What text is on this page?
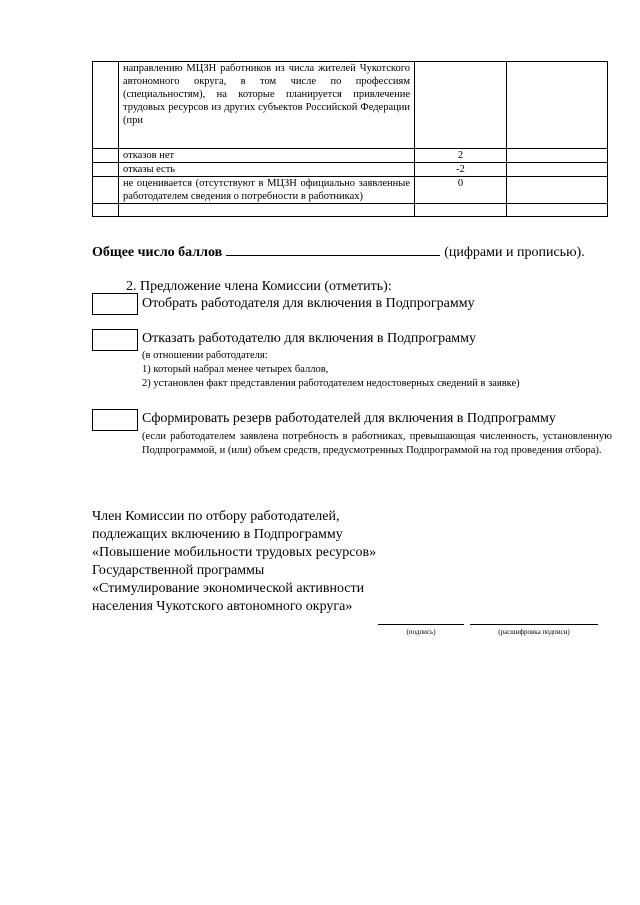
	направлению МЦЗН работников из числа жителей Чукотского автономного округа, в том числе по профессиям (специальностям), на которые планируется привлечение трудовых ресурсов из других субъектов Российской Федерации (при		
	отказов нет	2	
	отказы есть	-2	
	не оценивается (отсутствуют в МЦЗН официально заявленные работодателем сведения о потребности в работниках)	0	

Общее число баллов	(цифрами и прописью).
2. Предложение члена Комиссии (отметить):
Отобрать работодателя для включения в Подпрограмму
Отказать работодателю для включения в Подпрограмму
(в отношении работодателя:
1) который набрал менее четырех баллов,
2) установлен факт представления работодателем недостоверных сведений в заявке)
Сформировать резерв работодателей для включения в Подпрограмму
(если работодателем заявлена потребность в работниках, превышающая численность, установленную Подпрограммой, и (или) объем средств, предусмотренных Подпрограммой на год проведения отбора).
Член Комиссии по отбору работодателей,
подлежащих включению в Подпрограмму
«Повышение мобильности трудовых ресурсов»
Государственной программы
«Стимулирование экономической активности
населения Чукотского автономного округа»
(подпись)	(расшифровка подписи)
